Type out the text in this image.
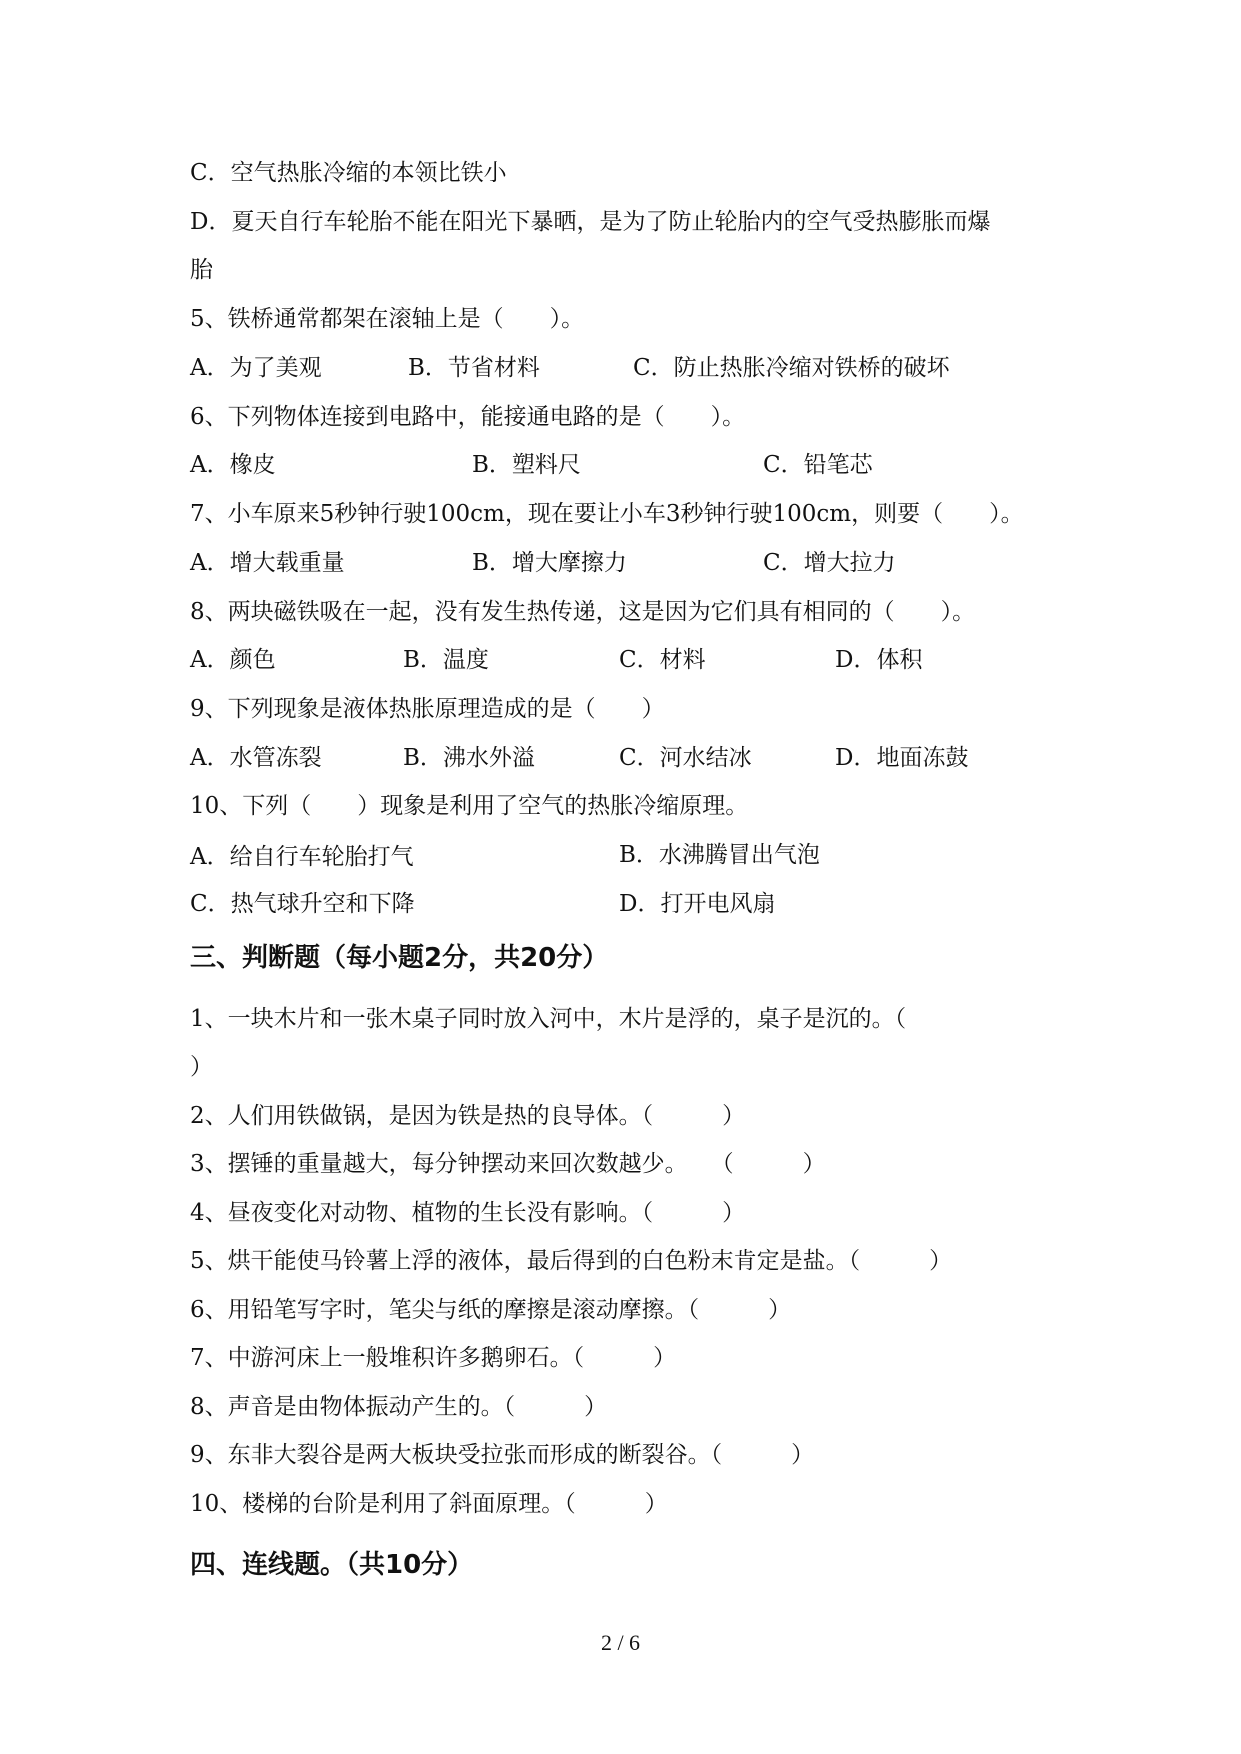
C．空气热胀冷缩的本领比铁小
D．夏天自行车轮胎不能在阳光下暴晒，是为了防止轮胎内的空气受热膨胀而爆
胎
5、铁桥通常都架在滚轴上是（　　）。
A．为了美观	B．节省材料	C．防止热胀冷缩对铁桥的破坏
6、下列物体连接到电路中，能接通电路的是（　　）。
A．橡皮	B．塑料尺	C．铅笔芯
7、小车原来5秒钟行驶100cm，现在要让小车3秒钟行驶100cm，则要（　　）。
A．增大载重量	B．增大摩擦力	C．增大拉力
8、两块磁铁吸在一起，没有发生热传递，这是因为它们具有相同的（　　）。
A．颜色	B．温度	C．材料	D．体积
9、下列现象是液体热胀原理造成的是（　　）
A．水管冻裂	B．沸水外溢	C．河水结冰	D．地面冻鼓
10、下列（　　）现象是利用了空气的热胀冷缩原理。
A．给自行车轮胎打气	B．水沸腾冒出气泡
C．热气球升空和下降	D．打开电风扇
三、判断题（每小题2分，共20分）
1、一块木片和一张木桌子同时放入河中，木片是浮的，桌子是沉的。（
）
2、人们用铁做锅，是因为铁是热的良导体。（　　　）
3、摆锤的重量越大，每分钟摆动来回次数越少。　　（　　　）
4、昼夜变化对动物、植物的生长没有影响。（　　　）
5、烘干能使马铃薯上浮的液体，最后得到的白色粉末肯定是盐。（　　　）
6、用铅笔写字时，笔尖与纸的摩擦是滚动摩擦。（　　　）
7、中游河床上一般堆积许多鹅卵石。（　　　）
8、声音是由物体振动产生的。（　　　）
9、东非大裂谷是两大板块受拉张而形成的断裂谷。（　　　）
10、楼梯的台阶是利用了斜面原理。（　　　）
四、连线题。（共10分）
2 / 6
